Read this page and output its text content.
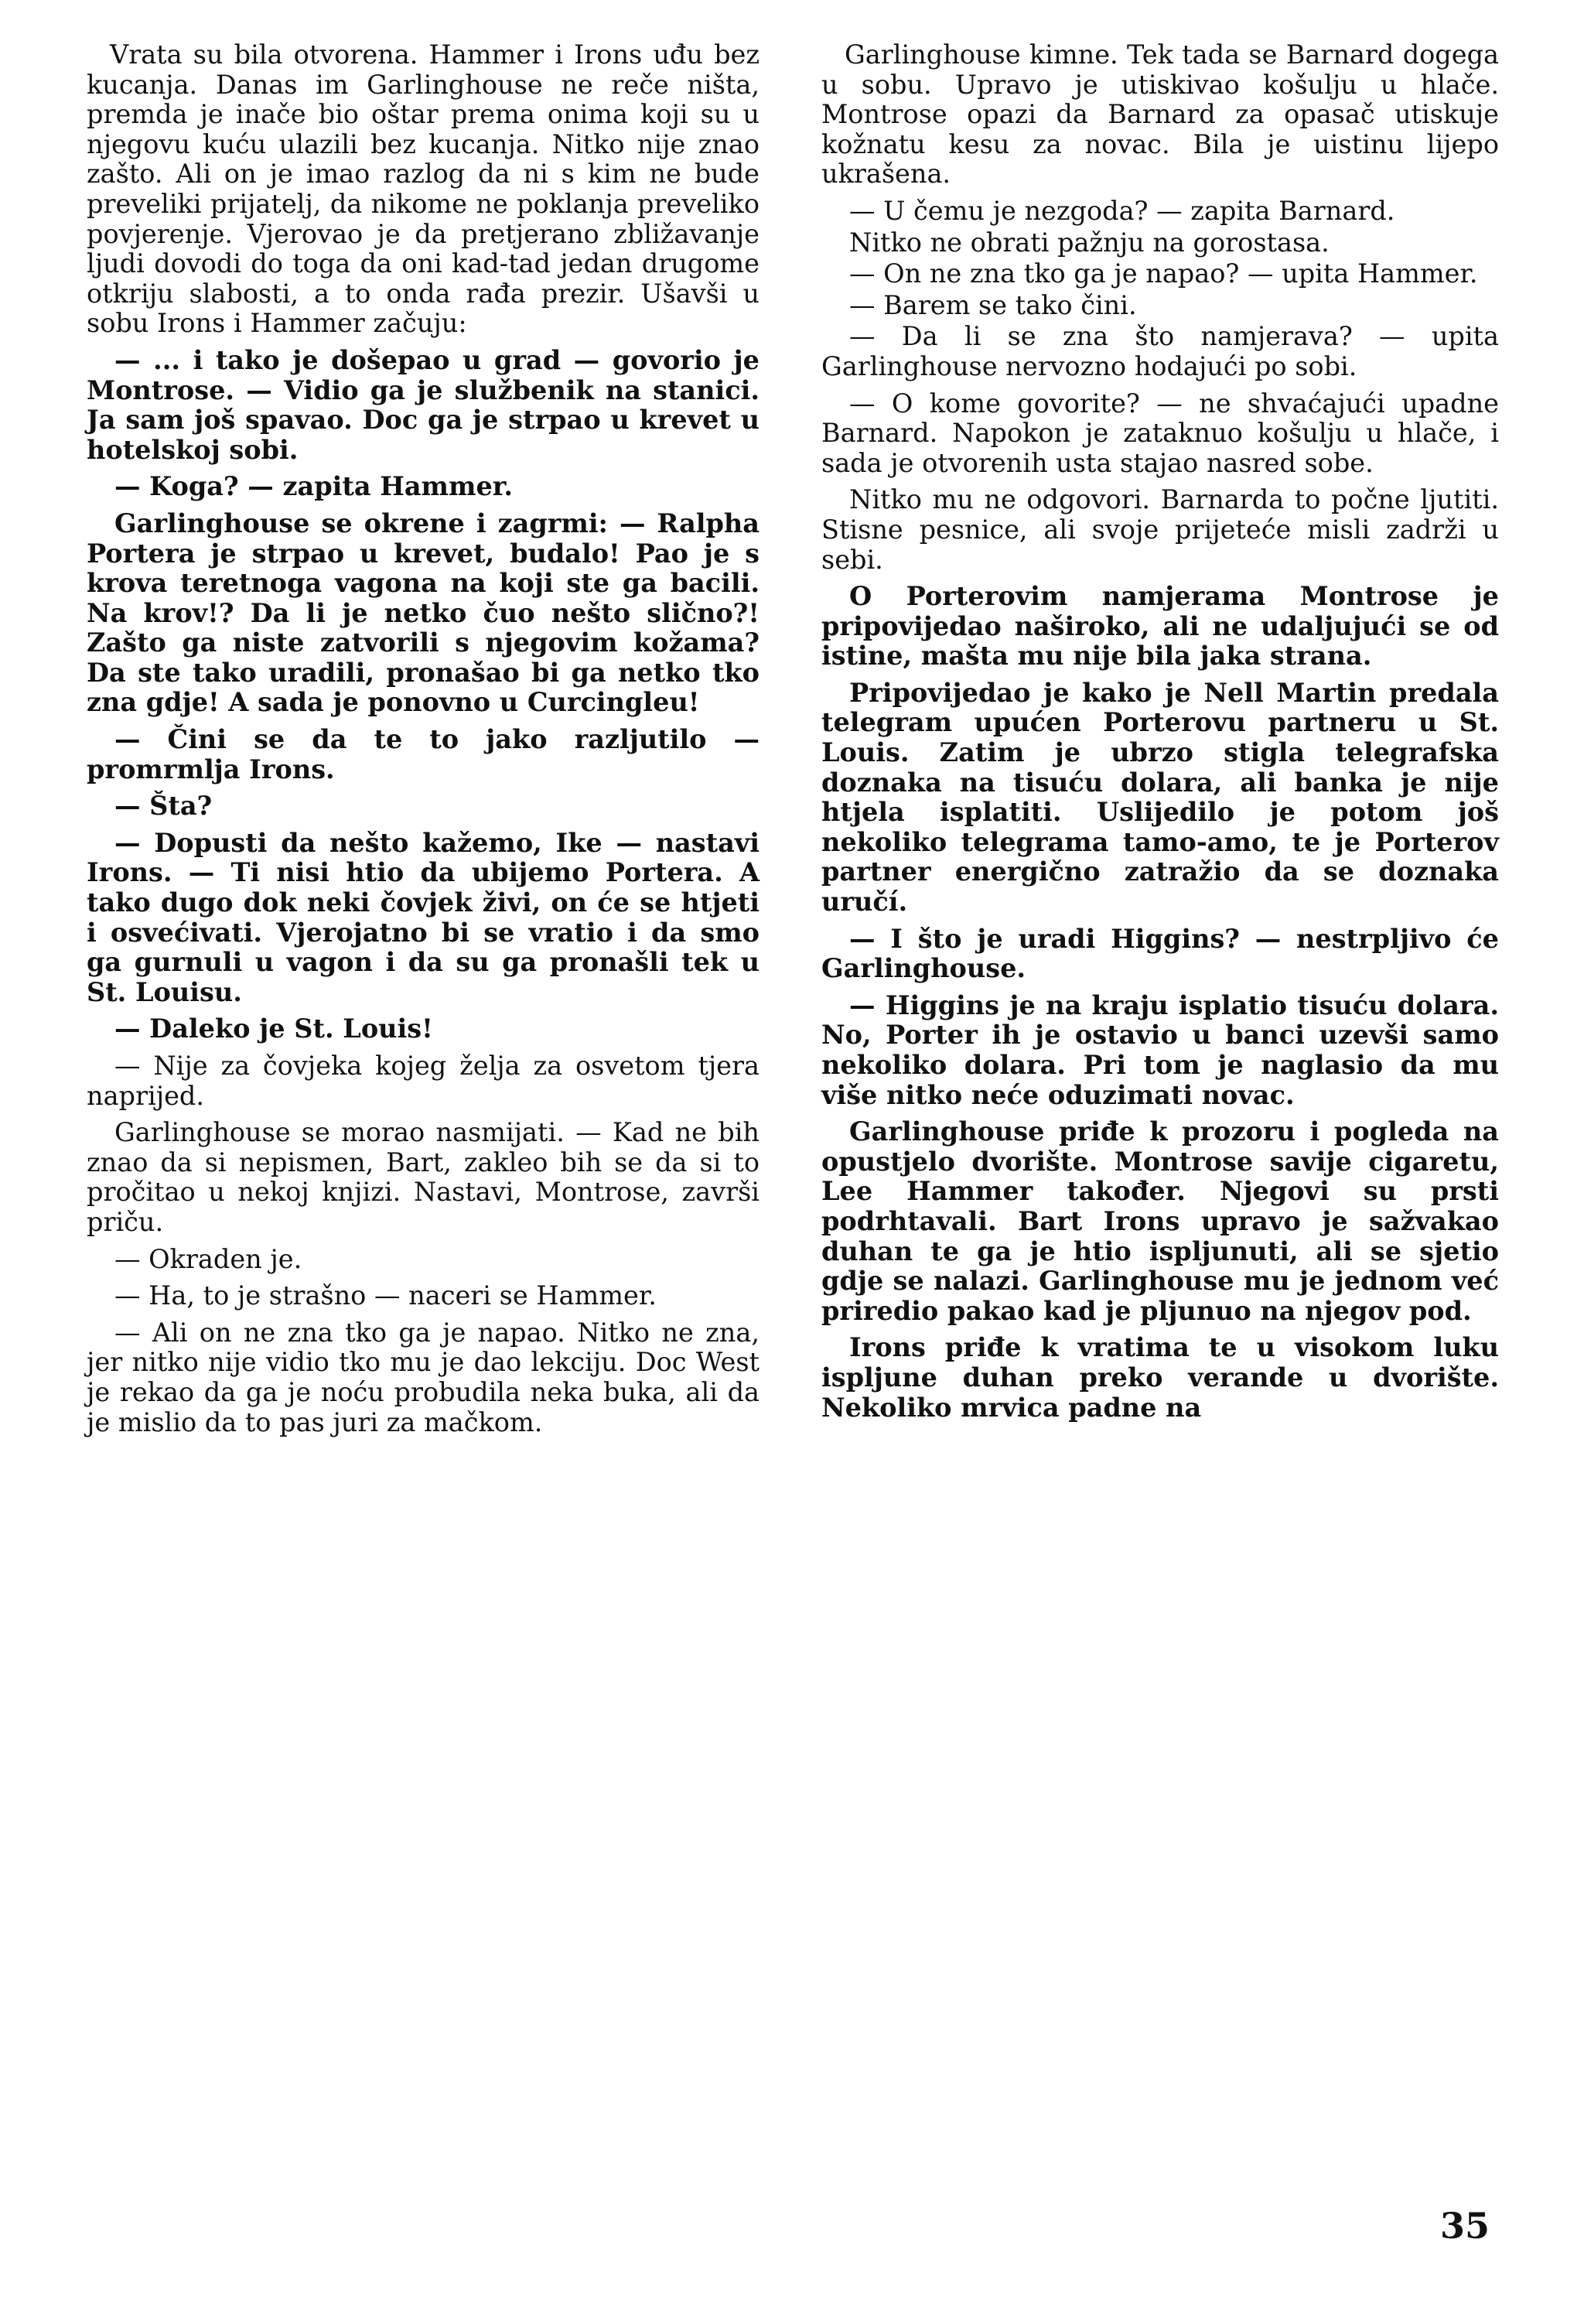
Vrata su bila otvorena. Hammer i Irons uđu bez kucanja. Danas im Garlinghouse ne reče ništa, premda je inače bio oštar prema onima koji su u njegovu kuću ulazili bez kucanja. Nitko nije znao zašto. Ali on je imao razlog da ni s kim ne bude preveliki prijatelj, da nikome ne poklanja preveliko povjerenje. Vjerovao je da pretjerano zbližavanje ljudi dovodi do toga da oni kad-tad jedan drugome otkriju slabosti, a to onda rađa prezir. Ušavši u sobu Irons i Hammer začuju:

— ... i tako je došepao u grad — govorio je Montrose. — Vidio ga je službenik na stanici. Ja sam još spavao. Doc ga je strpao u krevet u hotelskoj sobi.

— Koga? — zapita Hammer.

Garlinghouse se okrene i zagrmi: — Ralpha Portera je strpao u krevet, budalo! Pao je s krova teretnoga vagona na koji ste ga bacili. Na krov!? Da li je netko čuo nešto slično?! Zašto ga niste zatvorili s njegovim kožama? Da ste tako uradili, pronašao bi ga netko tko zna gdje! A sada je ponovno u Curcingleu!

— Čini se da te to jako razljutilo — promrmlja Irons.

— Šta?

— Dopusti da nešto kažemo, Ike — nastavi Irons. — Ti nisi htio da ubijemo Portera. A tako dugo dok neki čovjek živi, on će se htjeti i osvećivati. Vjerojatno bi se vratio i da smo ga gurnuli u vagon i da su ga pronašli tek u St. Louisu.

— Daleko je St. Louis!

— Nije za čovjeka kojeg želja za osvetom tjera naprijed.

Garlinghouse se morao nasmijati. — Kad ne bih znao da si nepismen, Bart, zakleo bih se da si to pročitao u nekoj knjizi. Nastavi, Montrose, završi priču.

— Okraden je.

— Ha, to je strašno — naceri se Hammer.

— Ali on ne zna tko ga je napao. Nitko ne zna, jer nitko nije vidio tko mu je dao lekciju. Doc West je rekao da ga je noću probudila neka buka, ali da je mislio da to pas juri za mačkom.

Garlinghouse kimne. Tek tada se Barnard dogega u sobu. Upravo je utiskivao košulju u hlače. Montrose opazi da Barnard za opasač utiskuje kožnatu kesu za novac. Bila je uistinu lijepo ukrašena.

— U čemu je nezgoda? — zapita Barnard.

Nitko ne obrati pažnju na gorostasa.

— On ne zna tko ga je napao? — upita Hammer.

— Barem se tako čini.

— Da li se zna što namjerava? — upita Garlinghouse nervozno hodajući po sobi.

— O kome govorite? — ne shvaćajući upadne Barnard. Napokon je zataknuo košulju u hlače, i sada je otvorenih usta stajao nasred sobe.

Nitko mu ne odgovori. Barnarda to počne ljutiti. Stisne pesnice, ali svoje prijeteće misli zadrži u sebi.

O Porterovim namjerama Montrose je pripovijedao naširoko, ali ne udaljujući se od istine, mašta mu nije bila jaka strana.

Pripovijedao je kako je Nell Martin predala telegram upućen Porterovu partneru u St. Louis. Zatim je ubrzo stigla telegrafska doznaka na tisuću dolara, ali banka je nije htjela isplatiti. Uslijedilo je potom još nekoliko telegrama tamo-amo, te je Porterov partner energično zatražio da se doznaka uručí.

— I što je uradi Higgins? — nestrpljivo će Garlinghouse.

— Higgins je na kraju isplatio tisuću dolara. No, Porter ih je ostavio u banci uzevši samo nekoliko dolara. Pri tom je naglasio da mu više nitko neće oduzimati novac.

Garlinghouse priđe k prozoru i pogleda na opustjelo dvorište. Montrose savije cigaretu, Lee Hammer također. Njegovi su prsti podrhtavali. Bart Irons upravo je sažvakao duhan te ga je htio ispljunuti, ali se sjetio gdje se nalazi. Garlinghouse mu je jednom već priredio pakao kad je pljunuo na njegov pod.

Irons priđe k vratima te u visokom luku ispljune duhan preko verande u dvorište. Nekoliko mrvica padne na

35
